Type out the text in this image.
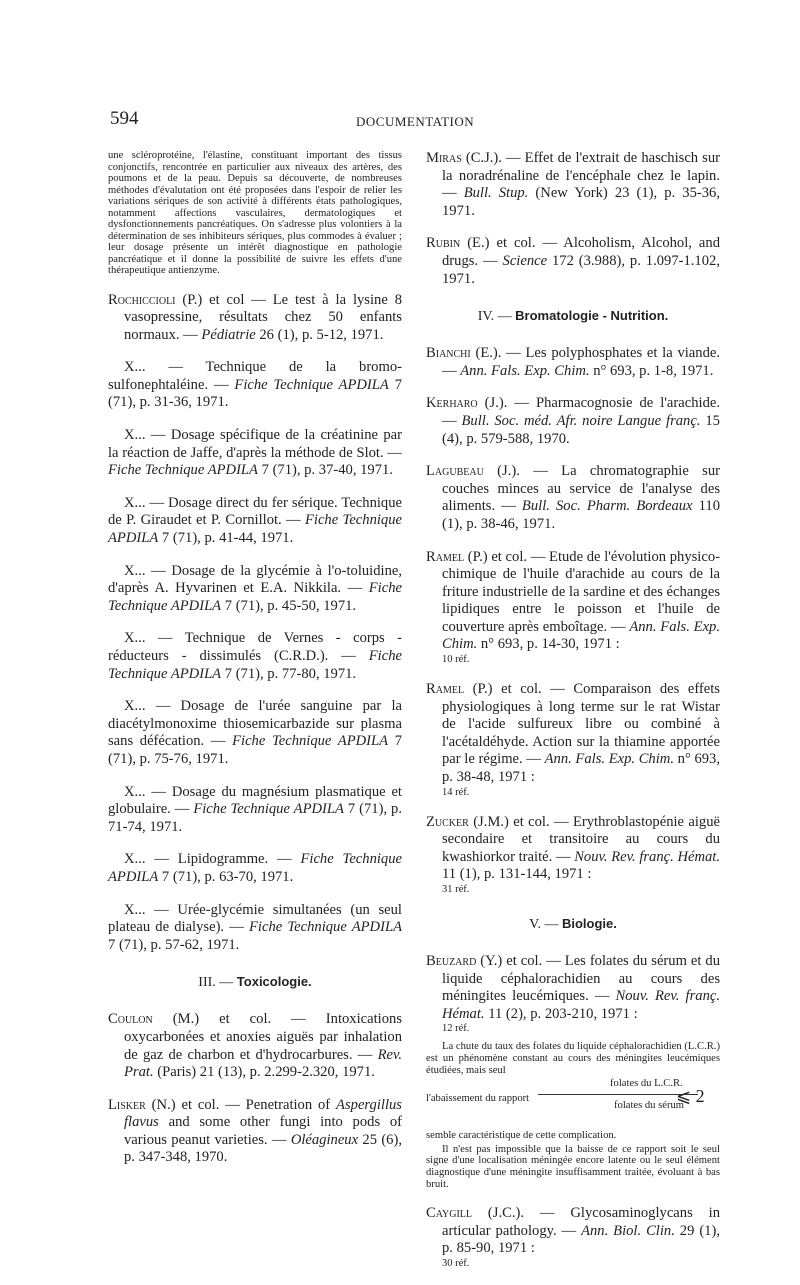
594	DOCUMENTATION

une scléroprotéine, l'élastine, constituant important des tissus conjonctifs, rencontrée en particulier aux niveaux des artères, des poumons et de la peau. Depuis sa découverte, de nombreuses méthodes d'évalutation ont été proposées dans l'espoir de relier les variations sériques de son activité à différents états pathologiques, notamment affections vasculaires, dermatologiques et dysfonctionnements pancréatiques. On s'adresse plus volontiers à la détermination de ses inhibiteurs sériques, plus commodes à évaluer ; leur dosage présente un intérêt diagnostique en pathologie pancréatique et il donne la possibilité de suivre les effets d'une thérapeutique antienzyme.

Rochiccioli (P.) et col — Le test à la lysine 8 vasopressine, résultats chez 50 enfants normaux. — Pédiatrie 26 (1), p. 5-12, 1971.

X... — Technique de la bromo-sulfonephtaléine. — Fiche Technique APDILA 7 (71), p. 31-36, 1971.

X... — Dosage spécifique de la créatinine par la réaction de Jaffe, d'après la méthode de Slot. — Fiche Technique APDILA 7 (71), p. 37-40, 1971.

X... — Dosage direct du fer sérique. Technique de P. Giraudet et P. Cornillot. — Fiche Technique APDILA 7 (71), p. 41-44, 1971.

X... — Dosage de la glycémie à l'o-toluidine, d'après A. Hyvarinen et E.A. Nikkila. — Fiche Technique APDILA 7 (71), p. 45-50, 1971.

X... — Technique de Vernes - corps - réducteurs - dissimulés (C.R.D.). — Fiche Technique APDILA 7 (71), p. 77-80, 1971.

X... — Dosage de l'urée sanguine par la diacétylmonoxime thiosemicarbazide sur plasma sans défécation. — Fiche Technique APDILA 7 (71), p. 75-76, 1971.

X... — Dosage du magnésium plasmatique et globulaire. — Fiche Technique APDILA 7 (71), p. 71-74, 1971.

X... — Lipidogramme. — Fiche Technique APDILA 7 (71), p. 63-70, 1971.

X... — Urée-glycémie simultanées (un seul plateau de dialyse). — Fiche Technique APDILA 7 (71), p. 57-62, 1971.

III. — Toxicologie.

Coulon (M.) et col. — Intoxications oxycarbonées et anoxies aiguës par inhalation de gaz de charbon et d'hydrocarbures. — Rev. Prat. (Paris) 21 (13), p. 2.299-2.320, 1971.

Lisker (N.) et col. — Penetration of Aspergillus flavus and some other fungi into pods of various peanut varieties. — Oléagineux 25 (6), p. 347-348, 1970.

Miras (C.J.). — Effet de l'extrait de haschisch sur la noradrénaline de l'encéphale chez le lapin. — Bull. Stup. (New York) 23 (1), p. 35-36, 1971.

Rubin (E.) et col. — Alcoholism, Alcohol, and drugs. — Science 172 (3.988), p. 1.097-1.102, 1971.

IV. — Bromatologie - Nutrition.

Bianchi (E.). — Les polyphosphates et la viande. — Ann. Fals. Exp. Chim. n° 693, p. 1-8, 1971.

Kerharo (J.). — Pharmacognosie de l'arachide. — Bull. Soc. méd. Afr. noire Langue franç. 15 (4), p. 579-588, 1970.

Lagubeau (J.). — La chromatographie sur couches minces au service de l'analyse des aliments. — Bull. Soc. Pharm. Bordeaux 110 (1), p. 38-46, 1971.

Ramel (P.) et col. — Etude de l'évolution physico-chimique de l'huile d'arachide au cours de la friture industrielle de la sardine et des échanges lipidiques entre le poisson et l'huile de couverture après emboîtage. — Ann. Fals. Exp. Chim. n° 693, p. 14-30, 1971 :
10 réf.

Ramel (P.) et col. — Comparaison des effets physiologiques à long terme sur le rat Wistar de l'acide sulfureux libre ou combiné à l'acétaldéhyde. Action sur la thiamine apportée par le régime. — Ann. Fals. Exp. Chim. n° 693, p. 38-48, 1971 :
14 réf.

Zucker (J.M.) et col. — Erythroblastopénie aiguë secondaire et transitoire au cours du kwashiorkor traité. — Nouv. Rev. franç. Hémat. 11 (1), p. 131-144, 1971 :
31 réf.

V. — Biologie.

Beuzard (Y.) et col. — Les folates du sérum et du liquide céphalorachidien au cours des méningites leucémiques. — Nouv. Rev. franç. Hémat. 11 (2), p. 203-210, 1971 :
12 réf.

La chute du taux des folates du liquide céphalorachidien (L.C.R.) est un phénomène constant au cours des méningites leucémiques étudiées, mais seul

l'abaissement du rapport
folates du L.C.R.
folates du sérum
⩽ 2

semble caractéristique de cette complication.

Il n'est pas impossible que la baisse de ce rapport soit le seul signe d'une localisation méningée encore latente ou le seul élément diagnostique d'une méningite insuffisamment traitée, évoluant à bas bruit.

Caygill (J.C.). — Glycosaminoglycans in articular pathology. — Ann. Biol. Clin. 29 (1), p. 85-90, 1971 :
30 réf.
